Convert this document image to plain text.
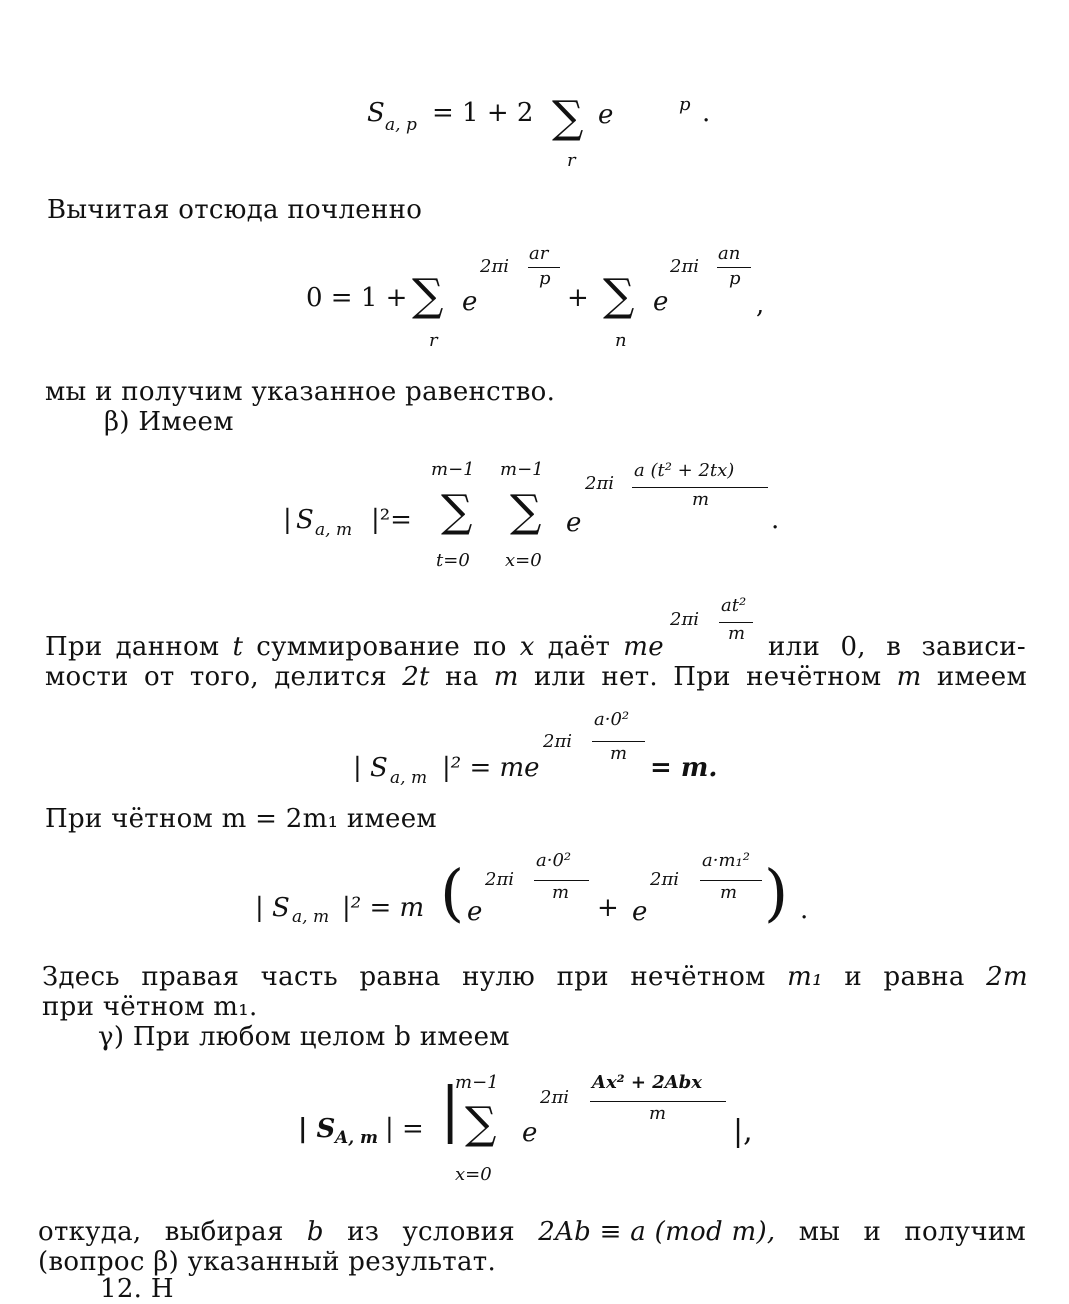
S a, p = 1 + 2 ∑
r
e	p .
Вычитая отсюда почленно
0 = 1 + ∑
r
e
2πi
ar
p
+ ∑
n
e
2πi
an
p
,
мы и получим указанное равенство.
β) Имеем
| S a, m |²=
m−1
∑
t=0
m−1
∑
x=0
e
2πi
a (t² + 2tx)
m
.
2πi
at²
m
При данном t суммирование по x даёт me	или 0, в зависи-
мости от того, делится 2t на m или нет. При нечётном m имеем
| S a, m |² = me
2πi
a·0²
m = m.
При чётном m = 2m₁ имеем
| S a, m |² = m ( e
2πi
a·0²
m
+ e
2πi
a·m₁²
m ) .
Здесь правая часть равна нулю при нечётном m₁ и равна 2m
при чётном m₁.
γ) При любом целом b имеем
| S A, m | = |
m−1
∑
x=0
e
2πi
Ax² + 2Abx
m
|,
откуда, выбирая b из условия 2Ab ≡ a (mod m), мы и получим
(вопрос β) указанный результат.
12. Н
